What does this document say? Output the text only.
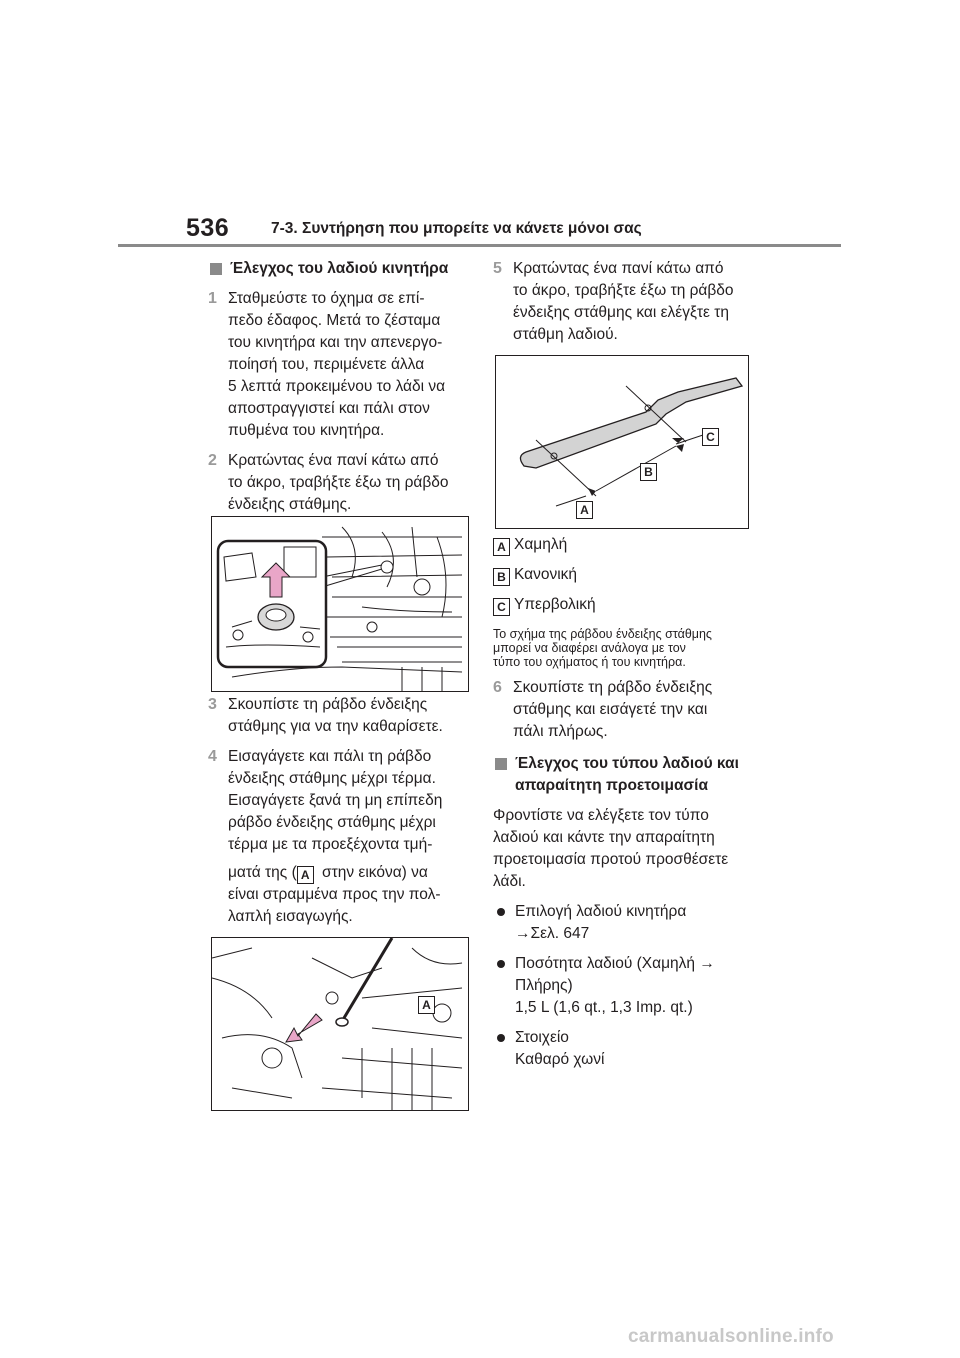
536	7-3. Συντήρηση που μπορείτε να κάνετε μόνοι σας
Έλεγχος του λαδιού κινητήρα
1 Σταθμεύστε το όχημα σε επί-

πεδο έδαφος. Μετά το ζέσταμα

του κινητήρα και την απενεργο-

ποίησή του, περιμένετε άλλα

5 λεπτά προκειμένου το λάδι να

αποστραγγιστεί και πάλι στον

πυθμένα του κινητήρα.

2 Κρατώντας ένα πανί κάτω από

το άκρο, τραβήξτε έξω τη ράβδο

ένδειξης στάθμης.

3 Σκουπίστε τη ράβδο ένδειξης

στάθμης για να την καθαρίσετε.

4 Εισαγάγετε και πάλι τη ράβδο

ένδειξης στάθμης μέχρι τέρμα.

Εισαγάγετε ξανά τη μη επίπεδη

ράβδο ένδειξης στάθμης μέχρι

τέρμα με τα προεξέχοντα τμή-

ματά της ( A στην εικόνα) να

είναι στραμμένα προς την πολ-

λαπλή εισαγωγής.

A
5 Κρατώντας ένα πανί κάτω από

το άκρο, τραβήξτε έξω τη ράβδο

ένδειξης στάθμης και ελέγξτε τη

στάθμη λαδιού.

A
B
C
A Χαμηλή
B Κανονική
C Υπερβολική
Το σχήμα της ράβδου ένδειξης στάθμης
μπορεί να διαφέρει ανάλογα με τον
τύπο του οχήματος ή του κινητήρα.
6 Σκουπίστε τη ράβδο ένδειξης

στάθμης και εισάγετέ την και

πάλι πλήρως.

Έλεγχος του τύπου λαδιού και
απαραίτητη προετοιμασία
Φροντίστε να ελέγξετε τον τύπο
λαδιού και κάντε την απαραίτητη
προετοιμασία προτού προσθέσετε
λάδι.
Επιλογή λαδιού κινητήρα
→Σελ. 647
Ποσότητα λαδιού (Χαμηλή →
Πλήρης)
1,5 L (1,6 qt., 1,3 Imp. qt.)
Στοιχείο
Καθαρό χωνί
carmanualsonline.info
